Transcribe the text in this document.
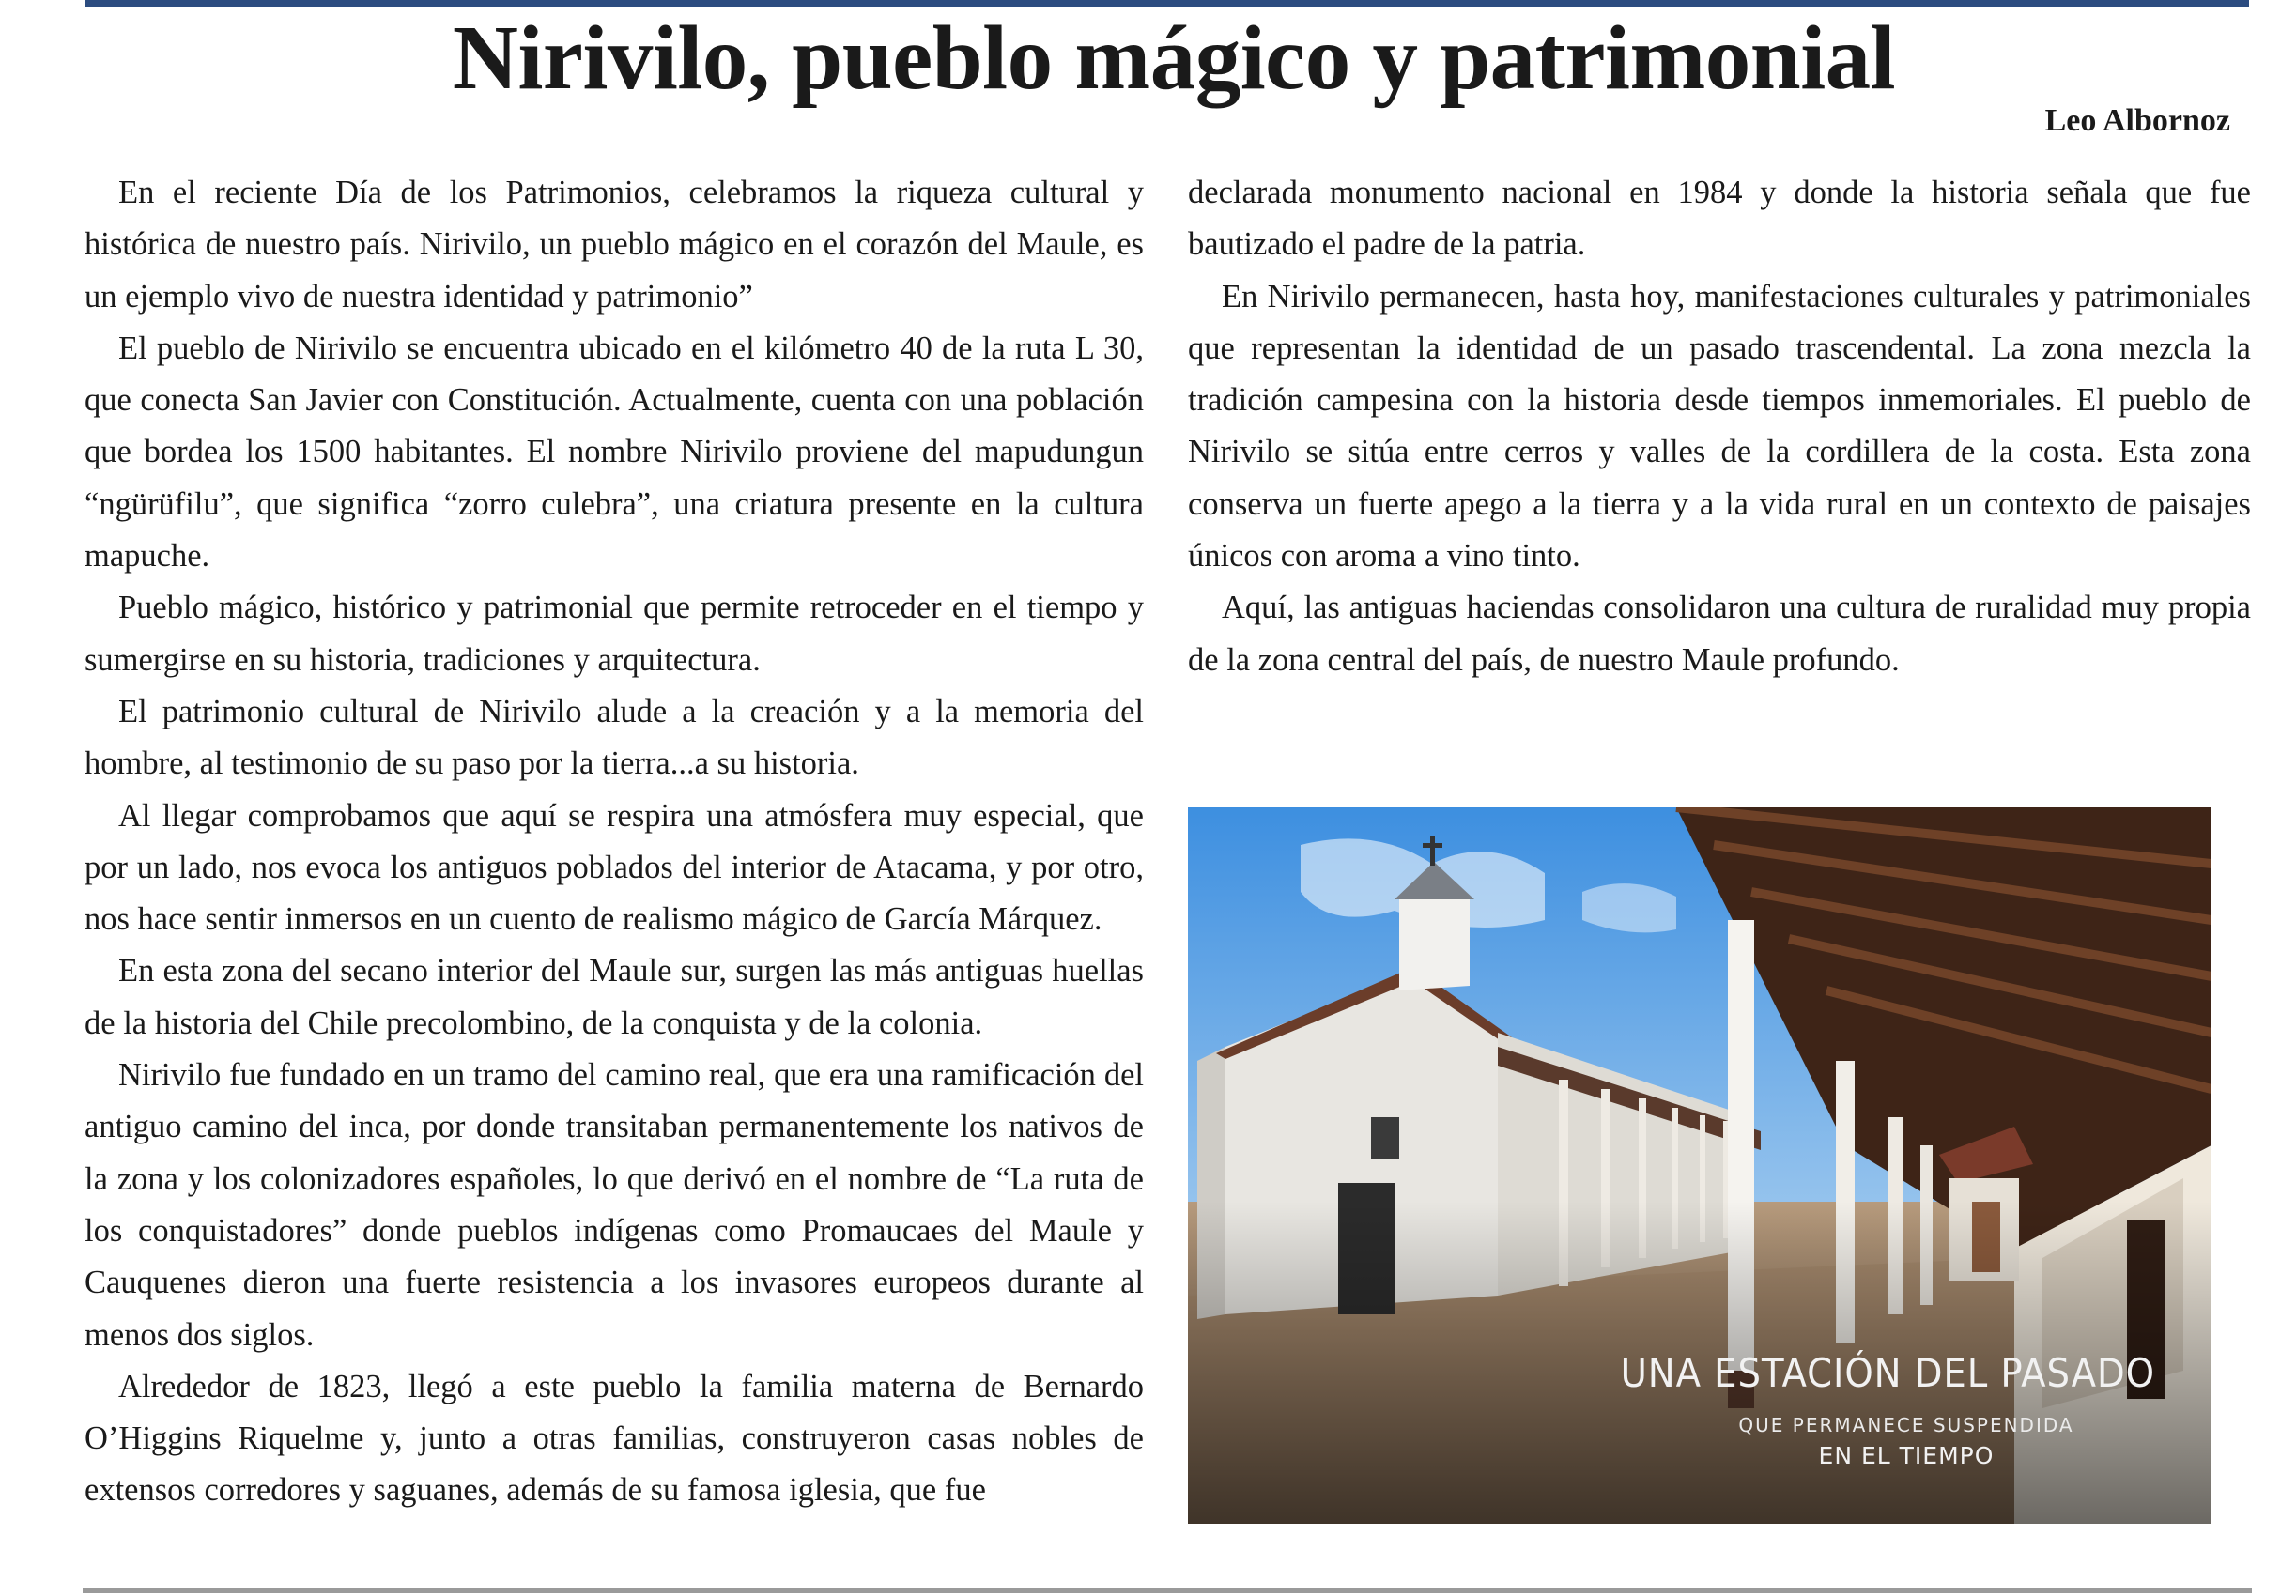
Nirivilo, pueblo mágico y patrimonial
Leo Albornoz

En el reciente Día de los Patrimonios, celebramos la riqueza cultural y histórica de nuestro país. Nirivilo, un pueblo mágico en el corazón del Maule, es un ejemplo vivo de nuestra identidad y patrimonio”

El pueblo de Nirivilo se encuentra ubicado en el kilómetro 40 de la ruta L 30, que conecta San Javier con Constitución. Actualmente, cuenta con una población que bordea los 1500 habitantes. El nombre Nirivilo proviene del mapudungun “ngürüfilu”, que significa “zorro culebra”, una criatura presente en la cultura mapuche.

Pueblo mágico, histórico y patrimonial que permite retroceder en el tiempo y sumergirse en su historia, tradiciones y arquitectura.

El patrimonio cultural de Nirivilo alude a la creación y a la memoria del hombre, al testimonio de su paso por la tierra...a su historia.

Al llegar comprobamos que aquí se respira una atmósfera muy especial, que por un lado, nos evoca los antiguos poblados del interior de Atacama, y por otro, nos hace sentir inmersos en un cuento de realismo mágico de García Márquez.

En esta zona del secano interior del Maule sur, surgen las más antiguas huellas de la historia del Chile precolombino, de la conquista y de la colonia.

Nirivilo fue fundado en un tramo del camino real, que era una ramificación del antiguo camino del inca, por donde transitaban permanentemente los nativos de la zona y los colonizadores españoles, lo que derivó en el nombre de “La ruta de los conquistadores” donde pueblos indígenas como Promaucaes del Maule y Cauquenes dieron una fuerte resistencia a los invasores europeos durante al menos dos siglos.

Alrededor de 1823, llegó a este pueblo la familia materna de Bernardo O’Higgins Riquelme y, junto a otras familias, construyeron casas nobles de extensos corredores y saguanes, además de su famosa iglesia, que fue

declarada monumento nacional en 1984 y donde la historia señala que fue bautizado el padre de la patria.

En Nirivilo permanecen, hasta hoy, manifestaciones culturales y patrimoniales que representan la identidad de un pasado trascendental. La zona mezcla la tradición campesina con la historia desde tiempos inmemoriales. El pueblo de Nirivilo se sitúa entre cerros y valles de la cordillera de la costa. Esta zona conserva un fuerte apego a la tierra y a la vida rural en un contexto de paisajes únicos con aroma a vino tinto.

Aquí, las antiguas haciendas consolidaron una cultura de ruralidad muy propia de la zona central del país, de nuestro Maule profundo.

UNA ESTACIÓN DEL PASADO
QUE PERMANECE SUSPENDIDA
EN EL TIEMPO
